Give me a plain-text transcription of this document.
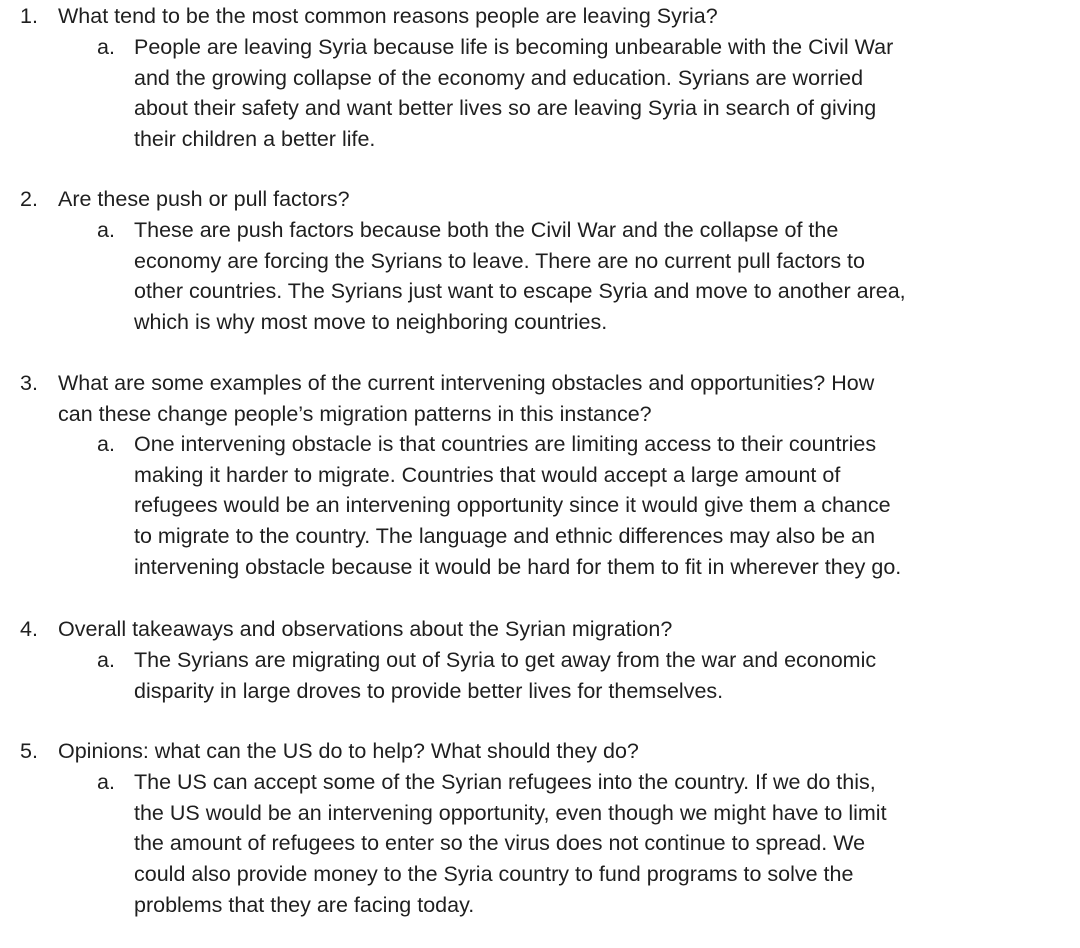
1. What tend to be the most common reasons people are leaving Syria?
a. People are leaving Syria because life is becoming unbearable with the Civil War
and the growing collapse of the economy and education. Syrians are worried
about their safety and want better lives so are leaving Syria in search of giving
their children a better life.
2. Are these push or pull factors?
a. These are push factors because both the Civil War and the collapse of the
economy are forcing the Syrians to leave. There are no current pull factors to
other countries. The Syrians just want to escape Syria and move to another area,
which is why most move to neighboring countries.
3. What are some examples of the current intervening obstacles and opportunities? How
can these change people’s migration patterns in this instance?
a. One intervening obstacle is that countries are limiting access to their countries
making it harder to migrate. Countries that would accept a large amount of
refugees would be an intervening opportunity since it would give them a chance
to migrate to the country. The language and ethnic differences may also be an
intervening obstacle because it would be hard for them to fit in wherever they go.
4. Overall takeaways and observations about the Syrian migration?
a. The Syrians are migrating out of Syria to get away from the war and economic
disparity in large droves to provide better lives for themselves.
5. Opinions: what can the US do to help? What should they do?
a. The US can accept some of the Syrian refugees into the country. If we do this,
the US would be an intervening opportunity, even though we might have to limit
the amount of refugees to enter so the virus does not continue to spread. We
could also provide money to the Syria country to fund programs to solve the
problems that they are facing today.
